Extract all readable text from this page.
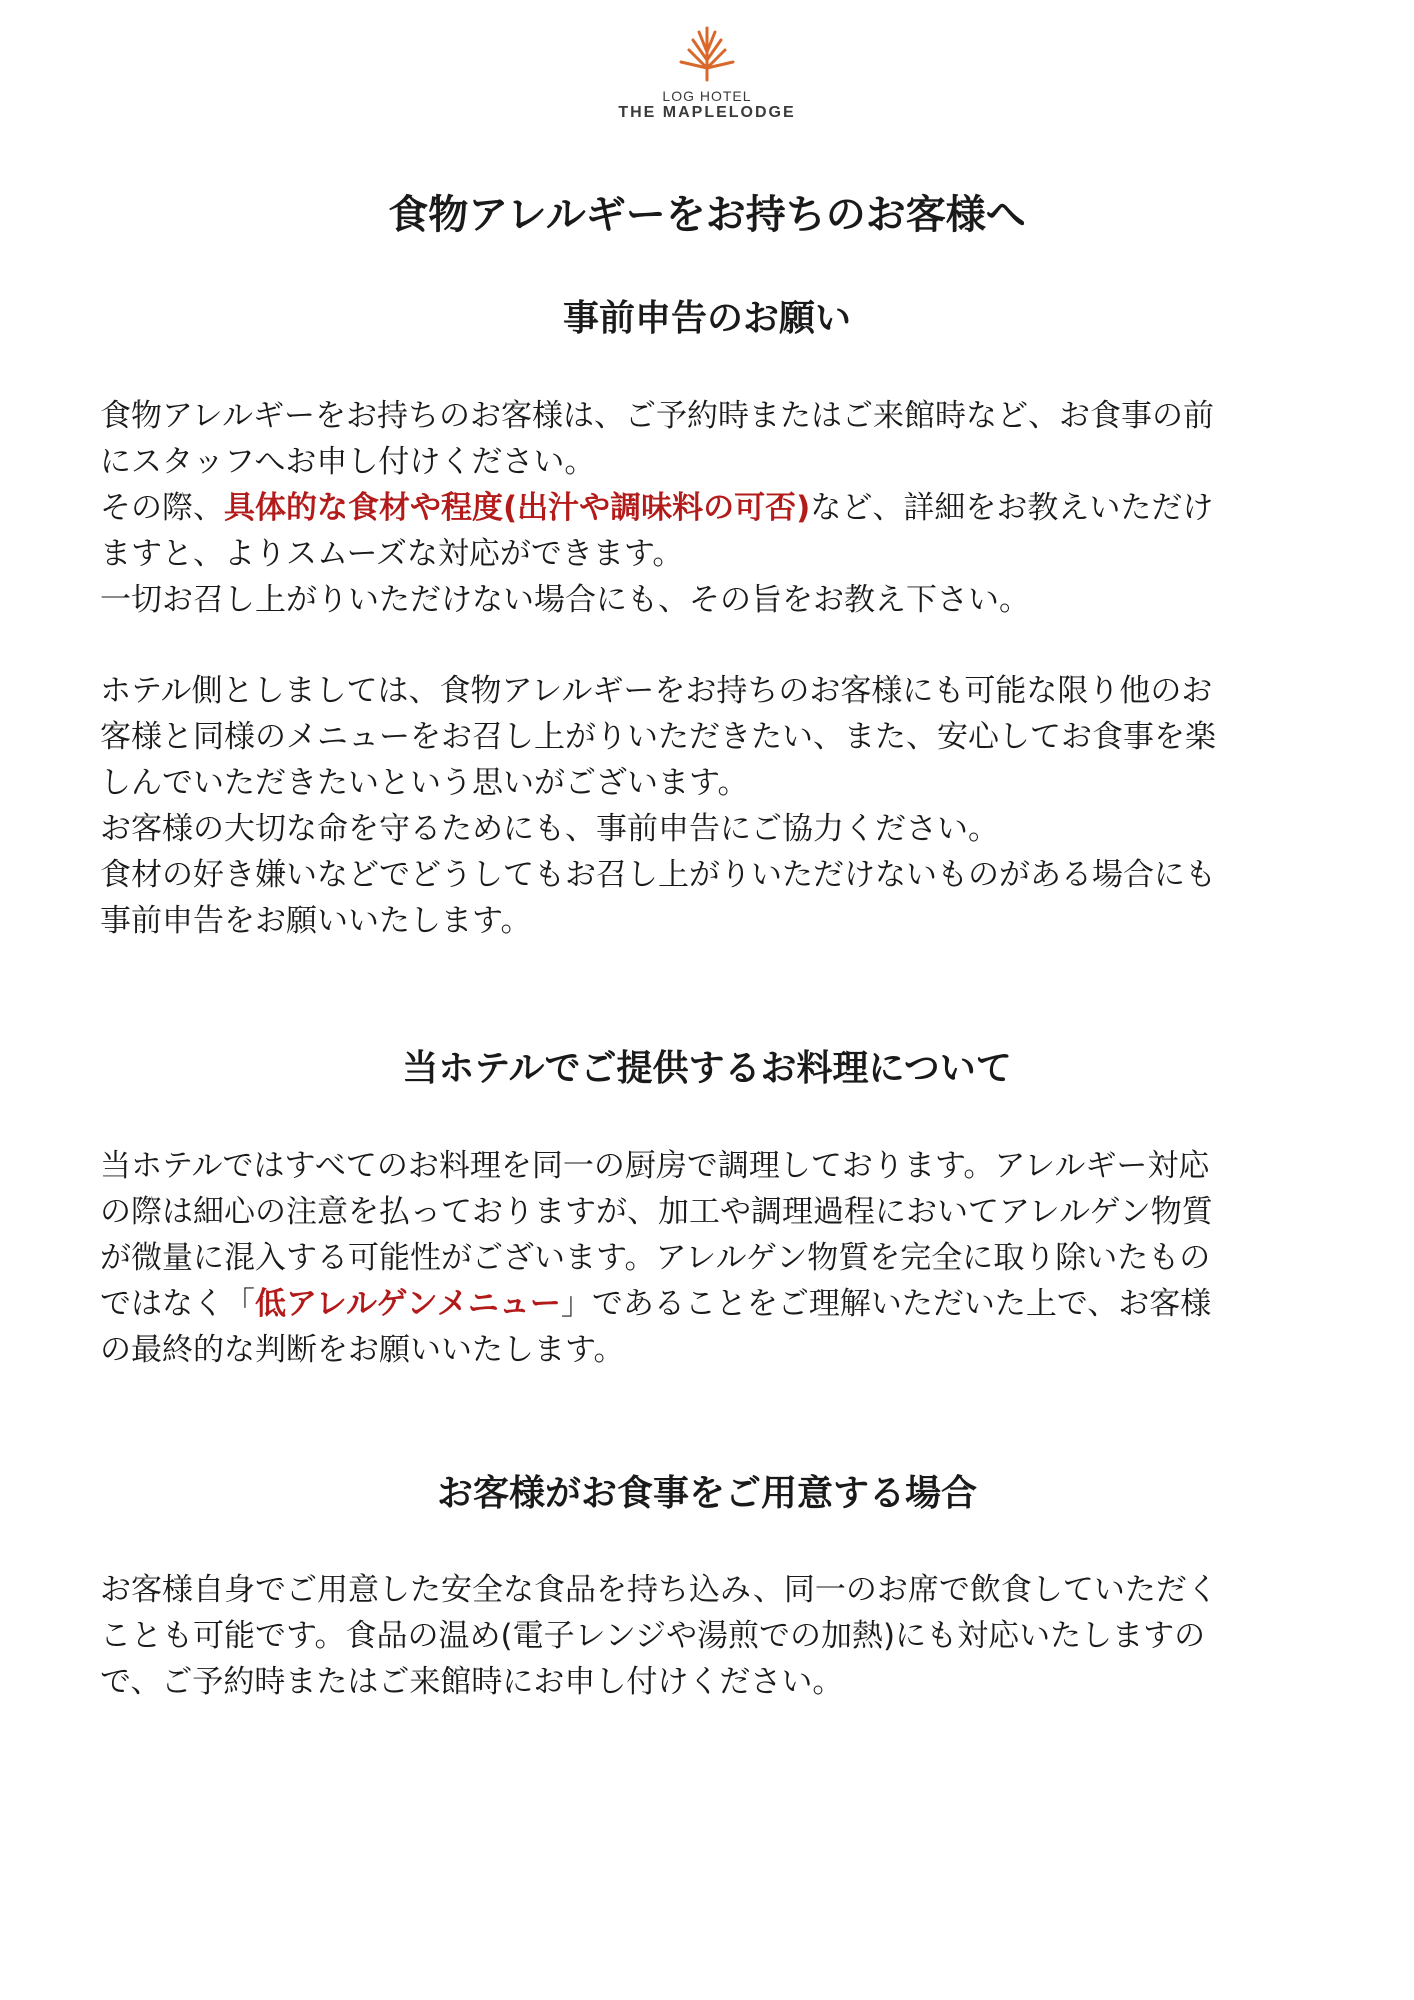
LOG HOTEL
THE MAPLELODGE
食物アレルギーをお持ちのお客様へ
事前申告のお願い
食物アレルギーをお持ちのお客様は、ご予約時またはご来館時など、お食事の前
にスタッフへお申し付けください。
その際、具体的な食材や程度(出汁や調味料の可否)など、詳細をお教えいただけ
ますと、よりスムーズな対応ができます。
一切お召し上がりいただけない場合にも、その旨をお教え下さい。
ホテル側としましては、食物アレルギーをお持ちのお客様にも可能な限り他のお
客様と同様のメニューをお召し上がりいただきたい、また、安心してお食事を楽
しんでいただきたいという思いがございます。
お客様の大切な命を守るためにも、事前申告にご協力ください。
食材の好き嫌いなどでどうしてもお召し上がりいただけないものがある場合にも
事前申告をお願いいたします。
当ホテルでご提供するお料理について
当ホテルではすべてのお料理を同一の厨房で調理しております。アレルギー対応
の際は細心の注意を払っておりますが、加工や調理過程においてアレルゲン物質
が微量に混入する可能性がございます。アレルゲン物質を完全に取り除いたもの
ではなく「低アレルゲンメニュー」であることをご理解いただいた上で、お客様
の最終的な判断をお願いいたします。
お客様がお食事をご用意する場合
お客様自身でご用意した安全な食品を持ち込み、同一のお席で飲食していただく
ことも可能です。食品の温め(電子レンジや湯煎での加熱)にも対応いたしますの
で、ご予約時またはご来館時にお申し付けください。
